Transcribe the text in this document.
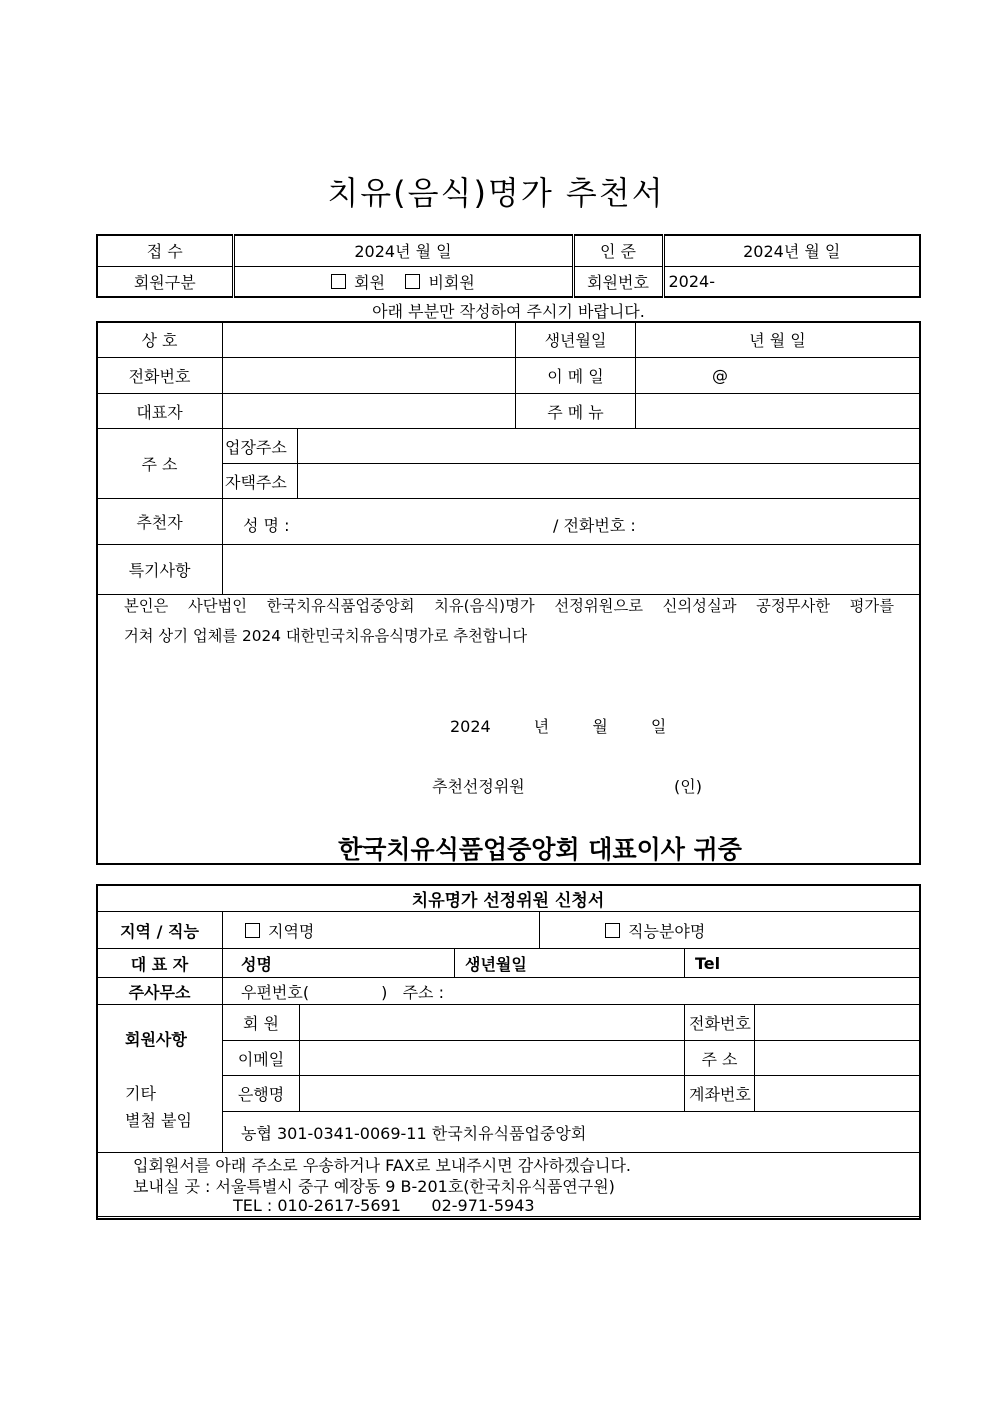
치유(음식)명가 추천서
접 수	2024년 월 일	인 준	2024년 월 일
회원구분	회원 비회원	회원번호	2024-
아래 부분만 작성하여 주시기 바랍니다.
상 호			생년월일	년 월 일
전화번호			이 메 일	@
대표자			주 메 뉴	
주 소	업장주소			
	자택주소			
추천자	성 명 : / 전화번호 :			

특기사항				
본인은 사단법인 한국치유식품업중앙회 치유(음식)명가 선정위원으로 신의성실과 공정무사한 평가를
거쳐 상기 업체를 2024 대한민국치유음식명가로 추천합니다
2024 년 월 일
추천선정위원	(인)
한국치유식품업중앙회 대표이사 귀중
치유명가 선정위원 신청서						
지역 / 직능	지역명			직능분야명		
대 표 자	성명		생년월일		Tel	
주사무소	우편번호( ) 주소 :					

회원사항
기타
별첨 붙임	회 원				전화번호	
	이메일				주 소	
	은행명				계좌번호	
	농협 301-0341-0069-11 한국치유식품업중앙회					

입회원서를 아래 주소로 우송하거나 FAX로 보내주시면 감사하겠습니다.
보내실 곳 : 서울특별시 중구 예장동 9 B-201호(한국치유식품연구원)
TEL : 010-2617-5691      02-971-5943						
